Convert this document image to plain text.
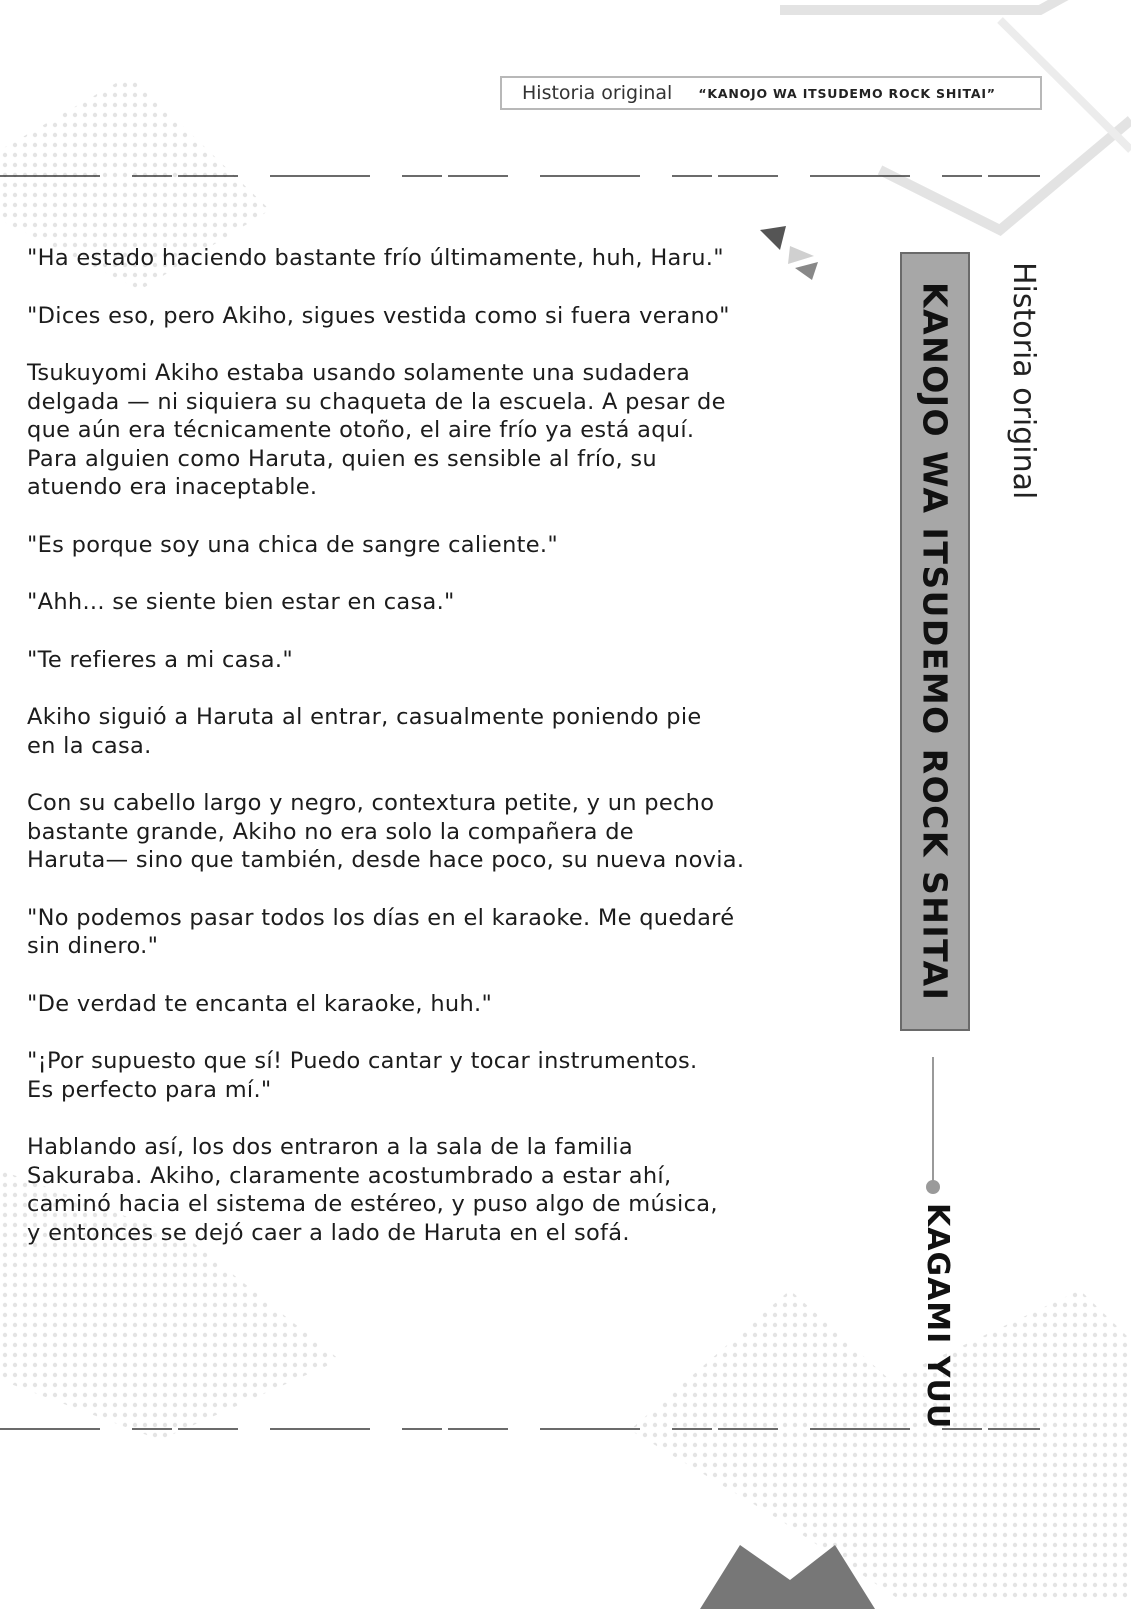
Historia original “KANOJO WA ITSUDEMO ROCK SHITAI”

"Ha estado haciendo bastante frío últimamente, huh, Haru."

"Dices eso, pero Akiho, sigues vestida como si fuera verano"

Tsukuyomi Akiho estaba usando solamente una sudadera
delgada — ni siquiera su chaqueta de la escuela. A pesar de
que aún era técnicamente otoño, el aire frío ya está aquí.
Para alguien como Haruta, quien es sensible al frío, su
atuendo era inaceptable.

"Es porque soy una chica de sangre caliente."

"Ahh... se siente bien estar en casa."

"Te refieres a mi casa."

Akiho siguió a Haruta al entrar, casualmente poniendo pie
en la casa.

Con su cabello largo y negro, contextura petite, y un pecho
bastante grande, Akiho no era solo la compañera de
Haruta— sino que también, desde hace poco, su nueva novia.

"No podemos pasar todos los días en el karaoke. Me quedaré
sin dinero."

"De verdad te encanta el karaoke, huh."

"¡Por supuesto que sí! Puedo cantar y tocar instrumentos.
Es perfecto para mí."

Hablando así, los dos entraron a la sala de la familia
Sakuraba. Akiho, claramente acostumbrado a estar ahí,
caminó hacia el sistema de estéreo, y puso algo de música,
y entonces se dejó caer a lado de Haruta en el sofá.

Historia original
KANOJO WA ITSUDEMO ROCK SHITAI
KAGAMI YUU
